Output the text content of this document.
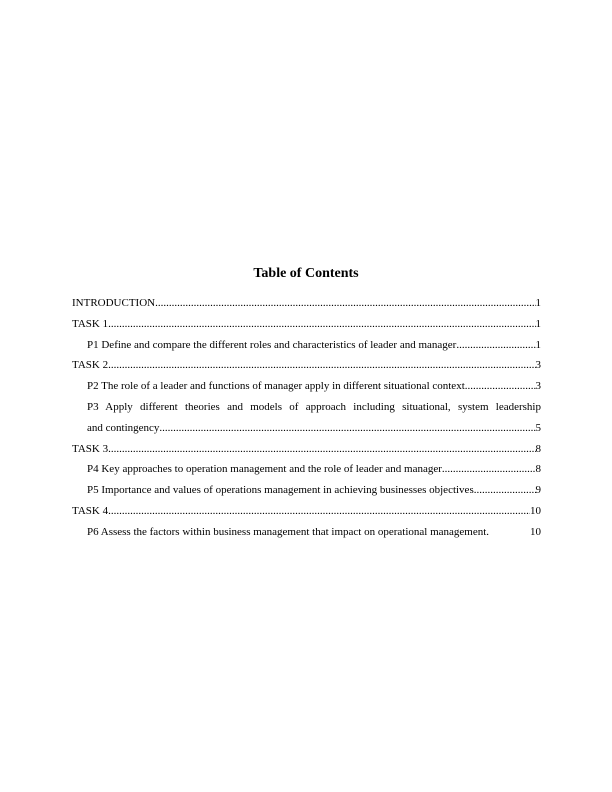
Table of Contents
INTRODUCTION .....	1
TASK 1 .....	1
P1 Define and compare the different roles and characteristics of leader and manager .....	1
TASK 2 .....	3
P2 The role of a leader and functions of manager apply in different situational context .....	3
P3 Apply different theories and models of approach including situational, system leadership
and contingency .....	5
TASK 3 .....	8
P4 Key approaches to operation management and the role of leader and manager .....	8
P5 Importance and values of operations management in achieving businesses objectives .....	9
TASK 4 .....	10
P6 Assess the factors within business management that impact on operational management.	10
